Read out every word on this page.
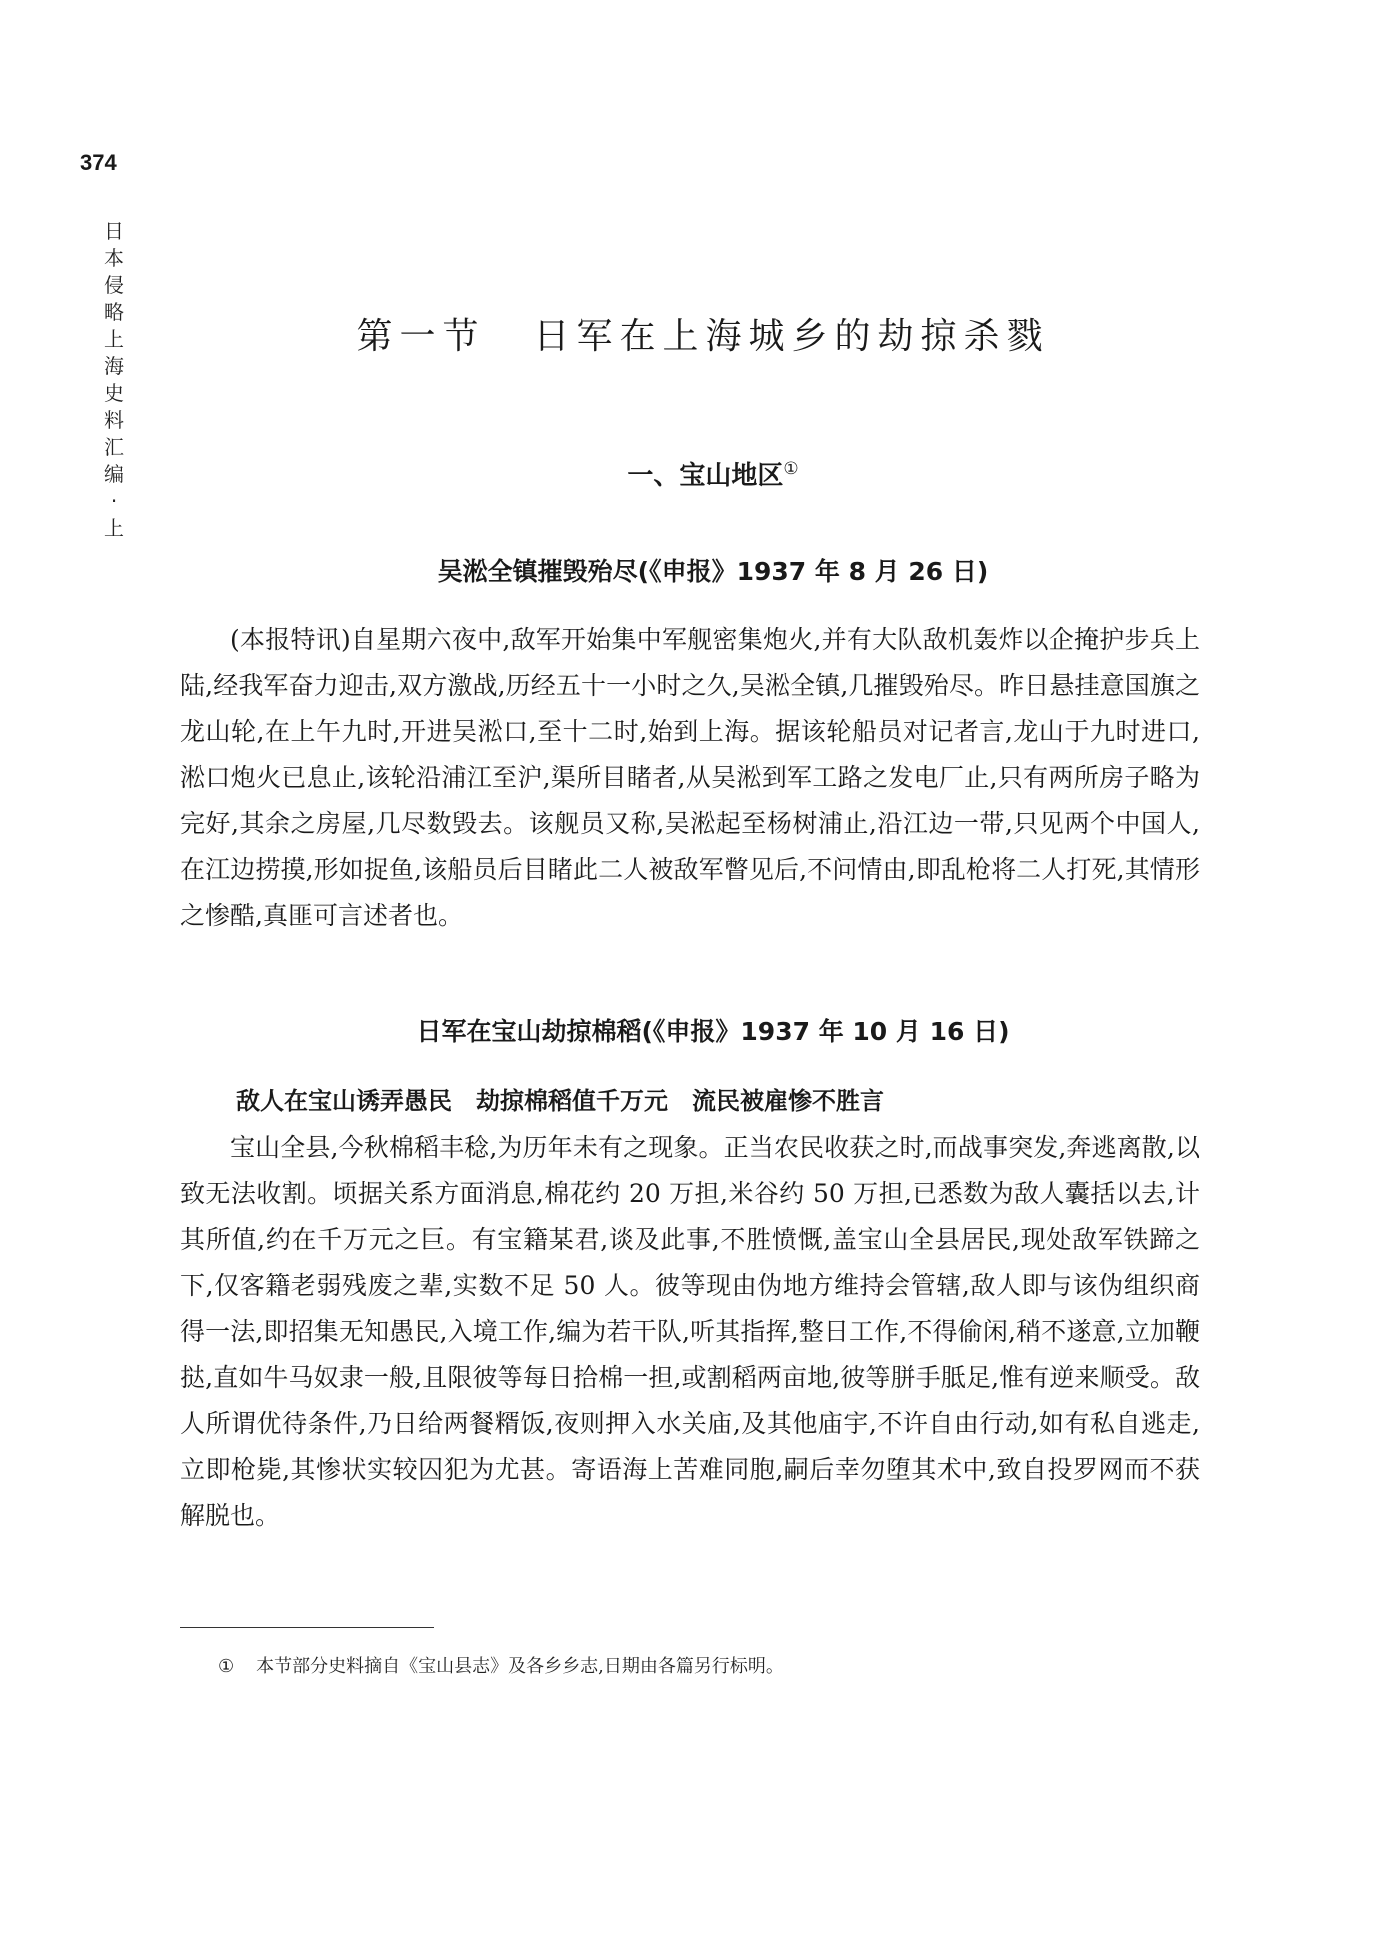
374
日本侵略上海史料汇编·上
第一节 日军在上海城乡的劫掠杀戮
一、宝山地区①
吴淞全镇摧毁殆尽(《申报》1937 年 8 月 26 日)

(本报特讯)自星期六夜中,敌军开始集中军舰密集炮火,并有大队敌机轰炸以企掩护步兵上陆,经我军奋力迎击,双方激战,历经五十一小时之久,吴淞全镇,几摧毁殆尽。昨日悬挂意国旗之龙山轮,在上午九时,开进吴淞口,至十二时,始到上海。据该轮船员对记者言,龙山于九时进口,淞口炮火已息止,该轮沿浦江至沪,渠所目睹者,从吴淞到军工路之发电厂止,只有两所房子略为完好,其余之房屋,几尽数毁去。该舰员又称,吴淞起至杨树浦止,沿江边一带,只见两个中国人,在江边捞摸,形如捉鱼,该船员后目睹此二人被敌军瞥见后,不问情由,即乱枪将二人打死,其情形之惨酷,真匪可言述者也。

日军在宝山劫掠棉稻(《申报》1937 年 10 月 16 日)
敌人在宝山诱弄愚民　劫掠棉稻值千万元　流民被雇惨不胜言

宝山全县,今秋棉稻丰稔,为历年未有之现象。正当农民收获之时,而战事突发,奔逃离散,以致无法收割。顷据关系方面消息,棉花约 20 万担,米谷约 50 万担,已悉数为敌人囊括以去,计其所值,约在千万元之巨。有宝籍某君,谈及此事,不胜愤慨,盖宝山全县居民,现处敌军铁蹄之下,仅客籍老弱残废之辈,实数不足 50 人。彼等现由伪地方维持会管辖,敌人即与该伪组织商得一法,即招集无知愚民,入境工作,编为若干队,听其指挥,整日工作,不得偷闲,稍不遂意,立加鞭挞,直如牛马奴隶一般,且限彼等每日拾棉一担,或割稻两亩地,彼等胼手胝足,惟有逆来顺受。敌人所谓优待条件,乃日给两餐糈饭,夜则押入水关庙,及其他庙宇,不许自由行动,如有私自逃走,立即枪毙,其惨状实较囚犯为尤甚。寄语海上苦难同胞,嗣后幸勿堕其术中,致自投罗网而不获解脱也。

① 本节部分史料摘自《宝山县志》及各乡乡志,日期由各篇另行标明。
